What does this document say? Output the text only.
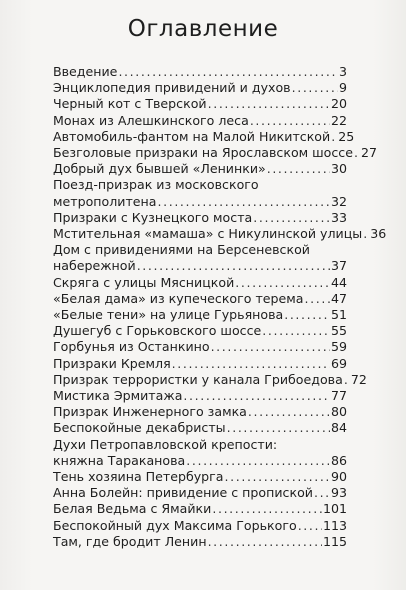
Оглавление
Введение . . .	3
Энциклопедия привидений и духов . . .	9
Черный кот с Тверской . . .	20
Монах из Алешкинского леса . . .	22
Автомобиль-фантом на Малой Никитской . . . 25
Безголовые призраки на Ярославском шоссе . . . 27
Добрый дух бывшей «Ленинки» . . .	30
Поезд-призрак из московского
метрополитена . . .	32
Призраки с Кузнецкого моста . . .	33
Мстительная «мамаша» с Никулинской улицы . . . 36
Дом с привидениями на Берсеневской
набережной . . .	37
Скряга с улицы Мясницкой . . .	44
«Белая дама» из купеческого терема . . . 47
«Белые тени» на улице Гурьянова . . .	51
Душегуб с Горьковского шоссе . . .	55
Горбунья из Останкино . . .	59
Призраки Кремля . . .	69
Призрак террористки у канала Грибоедова . . . 72
Мистика Эрмитажа . . .	77
Призрак Инженерного замка . . .	80
Беспокойные декабристы . . .	84
Духи Петропавловской крепости:
княжна Тараканова . . .	86
Тень хозяина Петербурга . . .	90
Анна Болейн: привидение с пропиской . . . 93
Белая Ведьма с Ямайки . . .	101
Беспокойный дух Максима Горького . . . 113
Там, где бродит Ленин . . .	115
